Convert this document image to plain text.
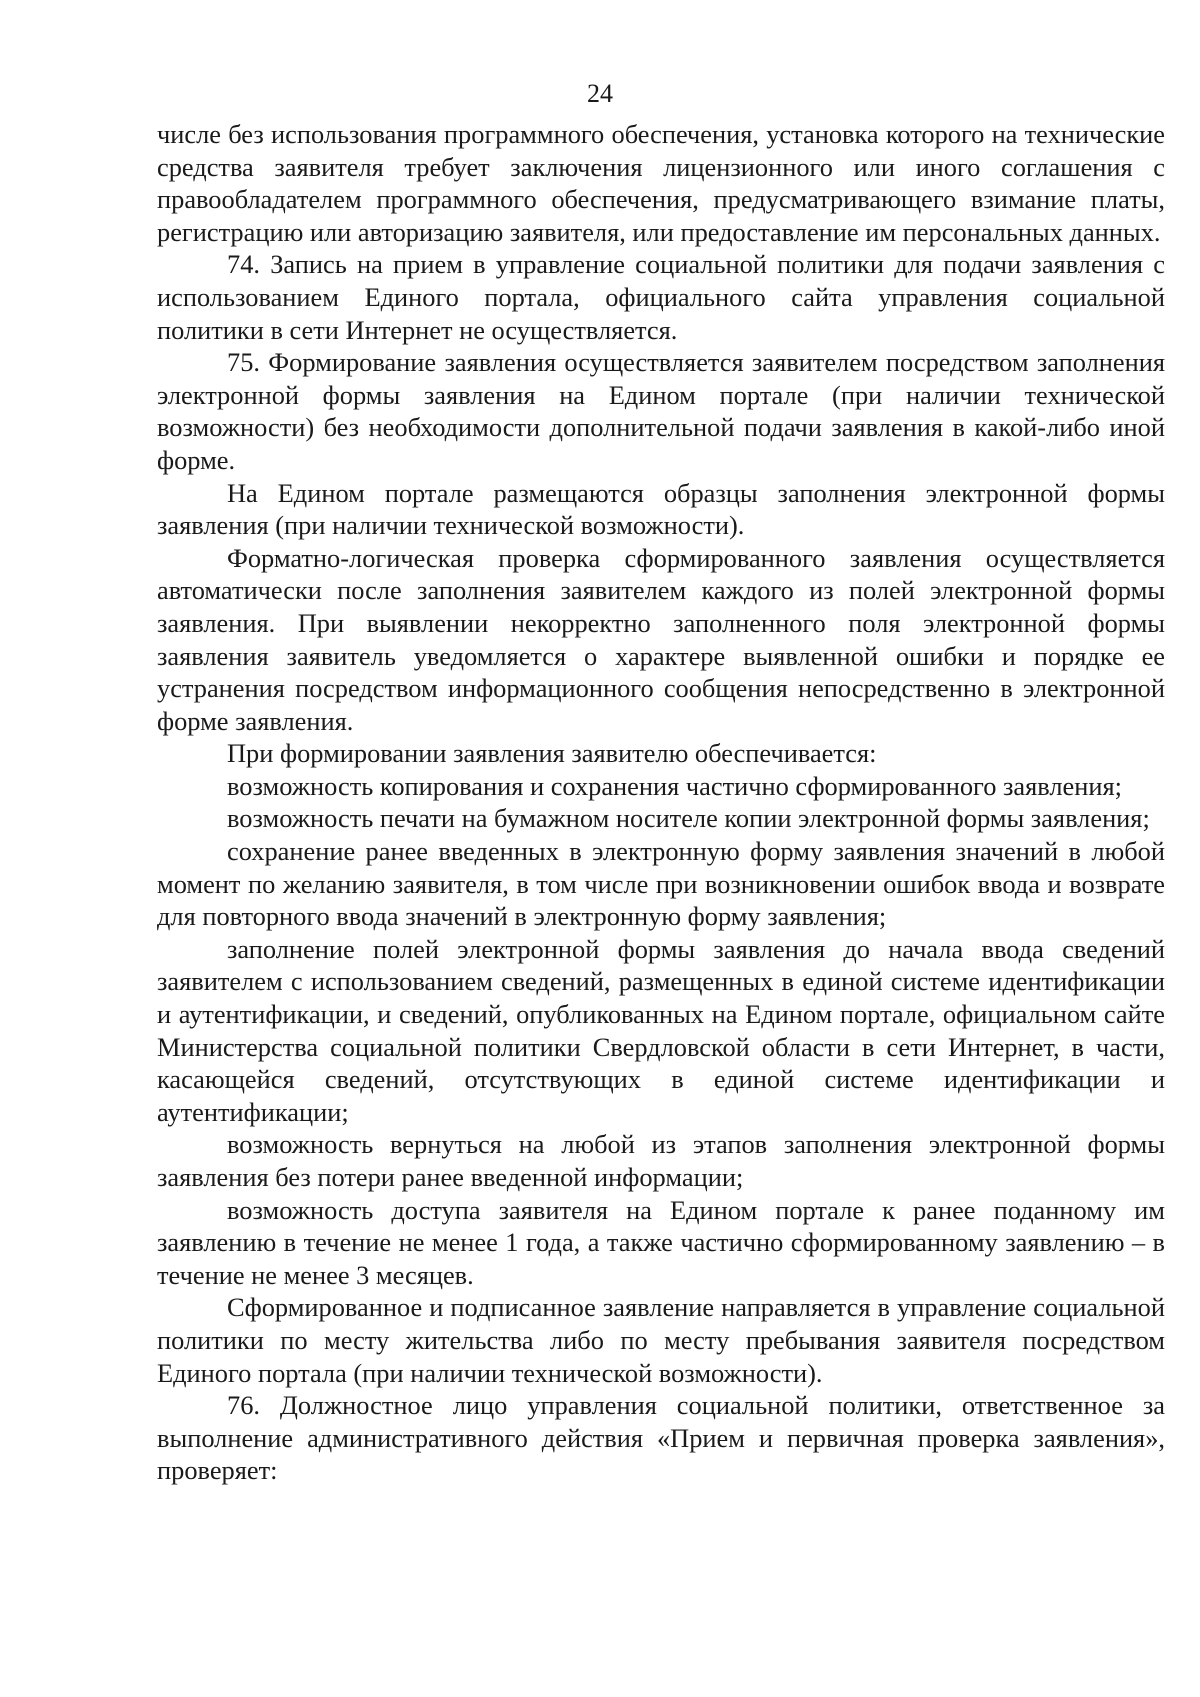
24

числе без использования программного обеспечения, установка которого на технические средства заявителя требует заключения лицензионного или иного соглашения с правообладателем программного обеспечения, предусматривающего взимание платы, регистрацию или авторизацию заявителя, или предоставление им персональных данных.

74. Запись на прием в управление социальной политики для подачи заявления с использованием Единого портала, официального сайта управления социальной политики в сети Интернет не осуществляется.

75. Формирование заявления осуществляется заявителем посредством заполнения электронной формы заявления на Едином портале (при наличии технической возможности) без необходимости дополнительной подачи заявления в какой-либо иной форме.

На Едином портале размещаются образцы заполнения электронной формы заявления (при наличии технической возможности).

Форматно-логическая проверка сформированного заявления осуществляется автоматически после заполнения заявителем каждого из полей электронной формы заявления. При выявлении некорректно заполненного поля электронной формы заявления заявитель уведомляется о характере выявленной ошибки и порядке ее устранения посредством информационного сообщения непосредственно в электронной форме заявления.

При формировании заявления заявителю обеспечивается:

возможность копирования и сохранения частично сформированного заявления;

возможность печати на бумажном носителе копии электронной формы заявления;

сохранение ранее введенных в электронную форму заявления значений в любой момент по желанию заявителя, в том числе при возникновении ошибок ввода и возврате для повторного ввода значений в электронную форму заявления;

заполнение полей электронной формы заявления до начала ввода сведений заявителем с использованием сведений, размещенных в единой системе идентификации и аутентификации, и сведений, опубликованных на Едином портале, официальном сайте Министерства социальной политики Свердловской области в сети Интернет, в части, касающейся сведений, отсутствующих в единой системе идентификации и аутентификации;

возможность вернуться на любой из этапов заполнения электронной формы заявления без потери ранее введенной информации;

возможность доступа заявителя на Едином портале к ранее поданному им заявлению в течение не менее 1 года, а также частично сформированному заявлению – в течение не менее 3 месяцев.

Сформированное и подписанное заявление направляется в управление социальной политики по месту жительства либо по месту пребывания заявителя посредством Единого портала (при наличии технической возможности).

76. Должностное лицо управления социальной политики, ответственное за выполнение административного действия «Прием и первичная проверка заявления», проверяет:
